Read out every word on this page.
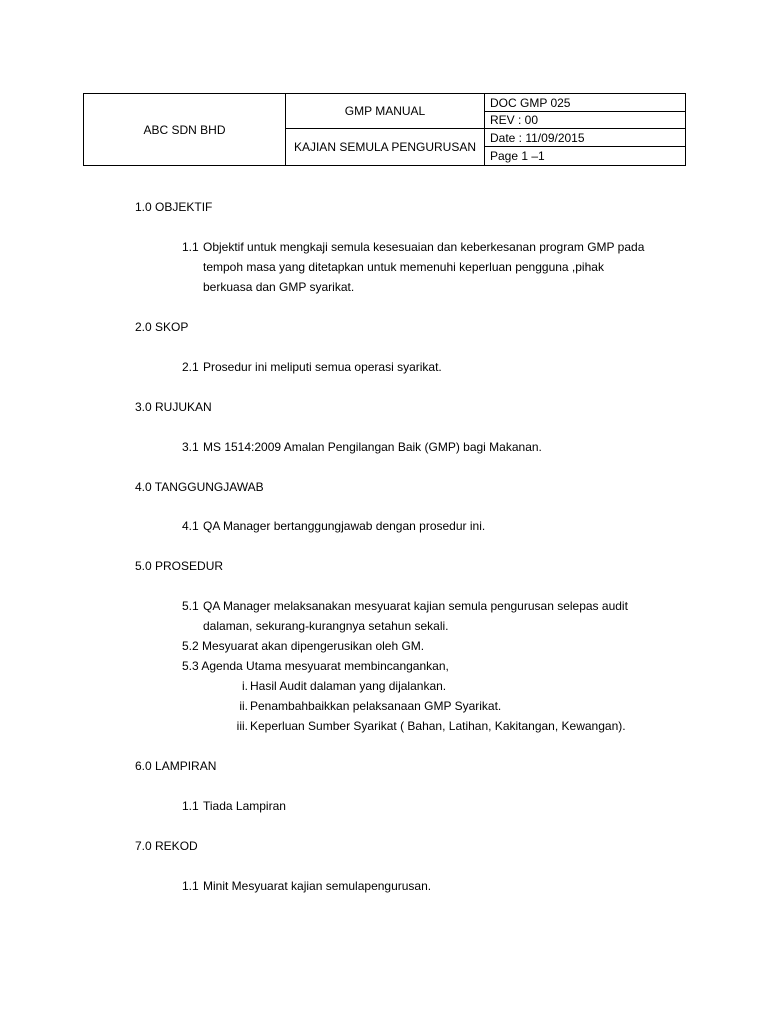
ABC SDN BHD
GMP MANUAL
KAJIAN SEMULA PENGURUSAN
DOC GMP 025
REV : 00
Date : 11/09/2015
Page 1 –1
1.0 OBJEKTIF
1.1 Objektif untuk mengkaji semula kesesuaian dan keberkesanan program GMP pada
tempoh masa yang ditetapkan untuk memenuhi keperluan pengguna ,pihak
berkuasa dan GMP syarikat.
2.0 SKOP
2.1 Prosedur ini meliputi semua operasi syarikat.
3.0 RUJUKAN
3.1 MS 1514:2009 Amalan Pengilangan Baik (GMP) bagi Makanan.
4.0 TANGGUNGJAWAB
4.1 QA Manager bertanggungjawab dengan prosedur ini.
5.0 PROSEDUR
5.1 QA Manager melaksanakan mesyuarat kajian semula pengurusan selepas audit
dalaman, sekurang-kurangnya setahun sekali.
5.2 Mesyuarat akan dipengerusikan oleh GM.
5.3 Agenda Utama mesyuarat membincangankan,
i. Hasil Audit dalaman yang dijalankan.
ii. Penambahbaikkan pelaksanaan GMP Syarikat.
iii. Keperluan Sumber Syarikat ( Bahan, Latihan, Kakitangan, Kewangan).
6.0 LAMPIRAN
1.1 Tiada Lampiran
7.0 REKOD
1.1 Minit Mesyuarat kajian semulapengurusan.
